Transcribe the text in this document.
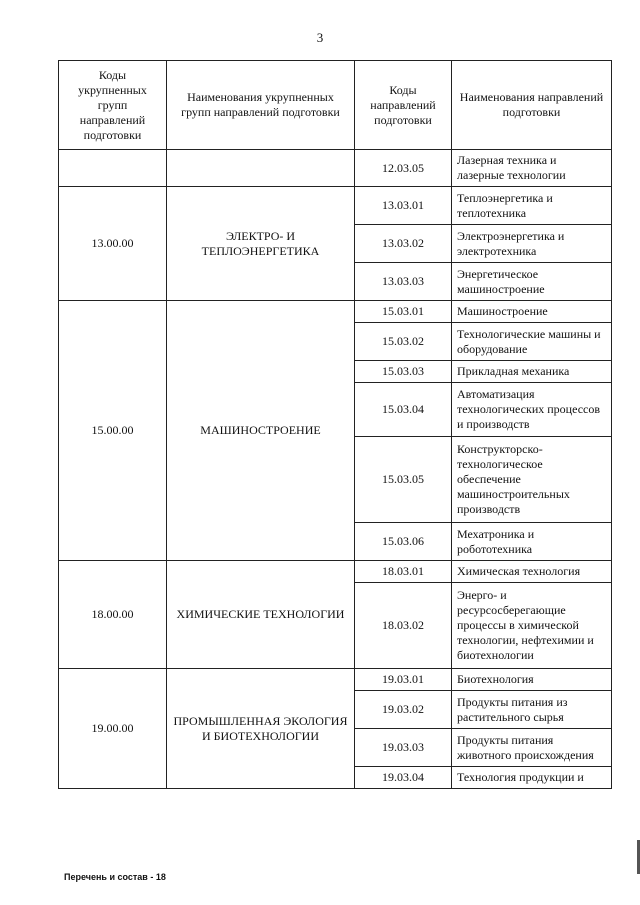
3
Коды укрупненных групп направлений подготовки	Наименования укрупненных групп направлений подготовки	Коды направлений подготовки	Наименования направлений подготовки
		12.03.05	Лазерная техника и лазерные технологии
13.00.00	ЭЛЕКТРО- И ТЕПЛОЭНЕРГЕТИКА	13.03.01	Теплоэнергетика и теплотехника
		13.03.02	Электроэнергетика и электротехника
		13.03.03	Энергетическое машиностроение
15.00.00	МАШИНОСТРОЕНИЕ	15.03.01	Машиностроение
		15.03.02	Технологические машины и оборудование
		15.03.03	Прикладная механика
		15.03.04	Автоматизация технологических процессов и производств
		15.03.05	Конструкторско-технологическое обеспечение машиностроительных производств
		15.03.06	Мехатроника и робототехника
18.00.00	ХИМИЧЕСКИЕ ТЕХНОЛОГИИ	18.03.01	Химическая технология
		18.03.02	Энерго- и ресурсосберегающие процессы в химической технологии, нефтехимии и биотехнологии
19.00.00	ПРОМЫШЛЕННАЯ ЭКОЛОГИЯ И БИОТЕХНОЛОГИИ	19.03.01	Биотехнология
		19.03.02	Продукты питания из растительного сырья
		19.03.03	Продукты питания животного происхождения
		19.03.04	Технология продукции и
Перечень и состав - 18
